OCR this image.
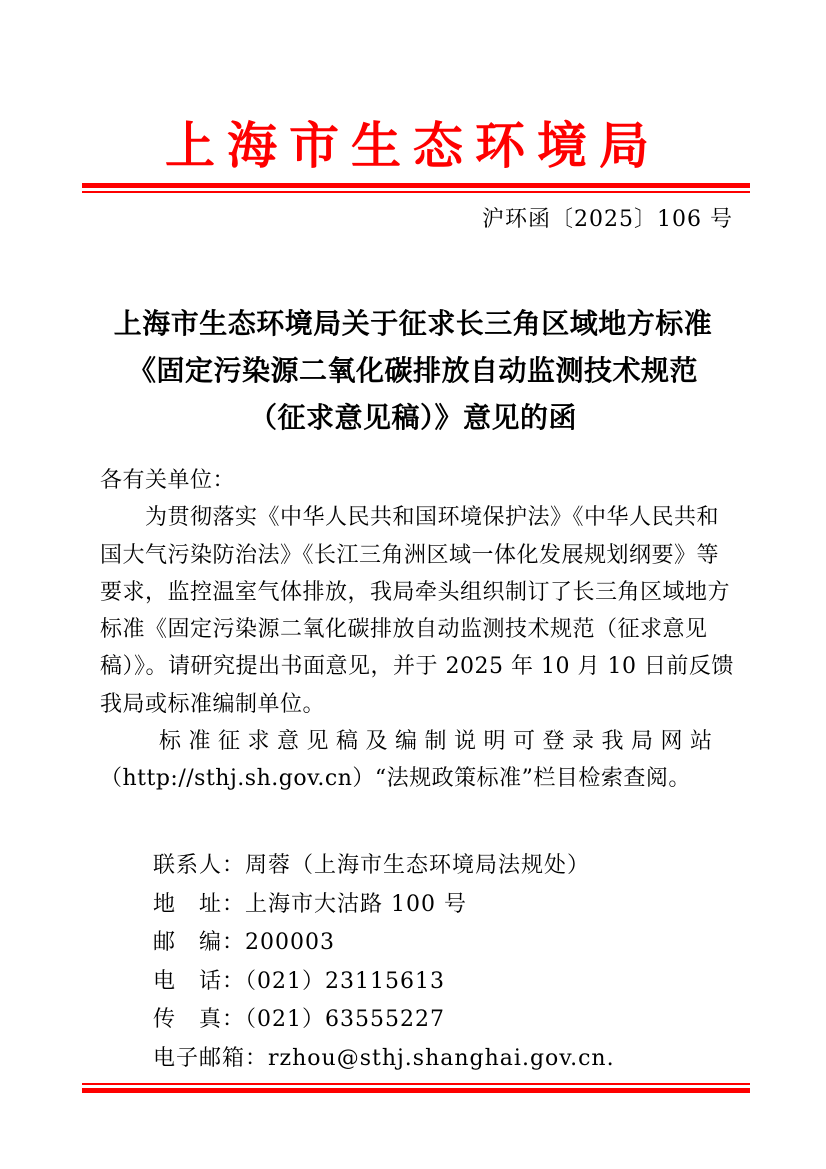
上海市生态环境局
沪环函〔2025〕106 号
上海市生态环境局关于征求长三角区域地方标准
《固定污染源二氧化碳排放自动监测技术规范
（征求意见稿）》意见的函
各有关单位：
　　为贯彻落实《中华人民共和国环境保护法》《中华人民共和
国大气污染防治法》《长江三角洲区域一体化发展规划纲要》等
要求，监控温室气体排放，我局牵头组织制订了长三角区域地方
标准《固定污染源二氧化碳排放自动监测技术规范（征求意见
稿）》。请研究提出书面意见，并于 2025 年 10 月 10 日前反馈
我局或标准编制单位。
　　标准征求意见稿及编制说明可登录我局网站
（http://sthj.sh.gov.cn）“法规政策标准”栏目检索查阅。
联系人：周蓉（上海市生态环境局法规处）
地　址：上海市大沽路 100 号
邮　编：200003
电　话：（021）23115613
传　真：（021）63555227
电子邮箱：rzhou@sthj.shanghai.gov.cn.
